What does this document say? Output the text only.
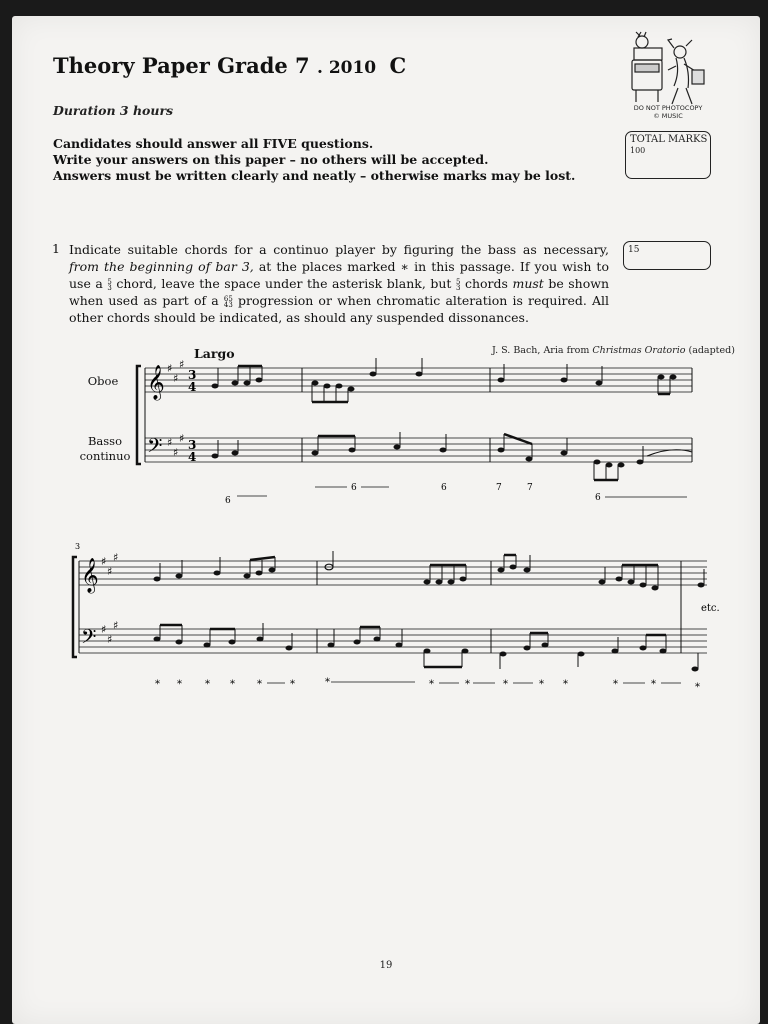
Theory Paper Grade 7 . 2010 C
Duration 3 hours
Candidates should answer all FIVE questions.
Write your answers on this paper – no others will be accepted.
Answers must be written clearly and neatly – otherwise marks may be lost.
DO NOT PHOTOCOPY
© MUSIC
TOTAL MARKS
100
1 Indicate suitable chords for a continuo player by figuring the bass as necessary, from the beginning of bar 3, at the places marked ∗ in this passage. If you wish to use a 5
3 chord, leave the space under the asterisk blank, but 5
3 chords must be shown when used as part of a 6
45
3 progression or when chromatic alteration is required. All other chords should be indicated, as should any suspended dissonances.
15
Largo	J. S. Bach, Aria from Christmas Oratorio (adapted)
Oboe
Basso
continuo
𝄞
𝄢
♯
♯
♯
♯
♯
♯
3
4
3
4
6
6	6	7	7
6
3
𝄞
𝄢
♯
♯
♯
♯
♯
♯
etc.
* * * * *	*	*	*	*	*	* *	*	*	*
19
